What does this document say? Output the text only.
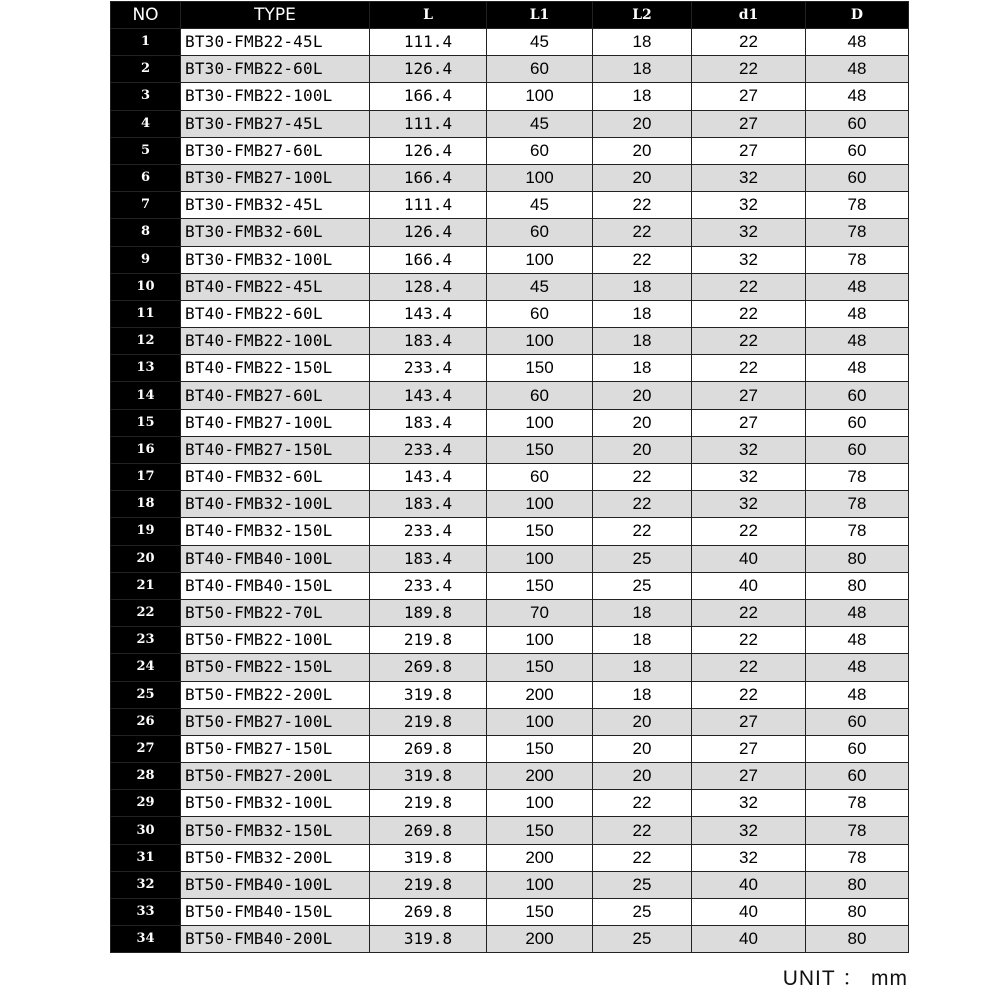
NO	TYPE	L	L1	L2	d1	D
1	BT30-FMB22-45L	111.4	45	18	22	48
2	BT30-FMB22-60L	126.4	60	18	22	48
3	BT30-FMB22-100L	166.4	100	18	27	48
4	BT30-FMB27-45L	111.4	45	20	27	60
5	BT30-FMB27-60L	126.4	60	20	27	60
6	BT30-FMB27-100L	166.4	100	20	32	60
7	BT30-FMB32-45L	111.4	45	22	32	78
8	BT30-FMB32-60L	126.4	60	22	32	78
9	BT30-FMB32-100L	166.4	100	22	32	78
10	BT40-FMB22-45L	128.4	45	18	22	48
11	BT40-FMB22-60L	143.4	60	18	22	48
12	BT40-FMB22-100L	183.4	100	18	22	48
13	BT40-FMB22-150L	233.4	150	18	22	48
14	BT40-FMB27-60L	143.4	60	20	27	60
15	BT40-FMB27-100L	183.4	100	20	27	60
16	BT40-FMB27-150L	233.4	150	20	32	60
17	BT40-FMB32-60L	143.4	60	22	32	78
18	BT40-FMB32-100L	183.4	100	22	32	78
19	BT40-FMB32-150L	233.4	150	22	22	78
20	BT40-FMB40-100L	183.4	100	25	40	80
21	BT40-FMB40-150L	233.4	150	25	40	80
22	BT50-FMB22-70L	189.8	70	18	22	48
23	BT50-FMB22-100L	219.8	100	18	22	48
24	BT50-FMB22-150L	269.8	150	18	22	48
25	BT50-FMB22-200L	319.8	200	18	22	48
26	BT50-FMB27-100L	219.8	100	20	27	60
27	BT50-FMB27-150L	269.8	150	20	27	60
28	BT50-FMB27-200L	319.8	200	20	27	60
29	BT50-FMB32-100L	219.8	100	22	32	78
30	BT50-FMB32-150L	269.8	150	22	32	78
31	BT50-FMB32-200L	319.8	200	22	32	78
32	BT50-FMB40-100L	219.8	100	25	40	80
33	BT50-FMB40-150L	269.8	150	25	40	80
34	BT50-FMB40-200L	319.8	200	25	40	80
UNIT ： mm
